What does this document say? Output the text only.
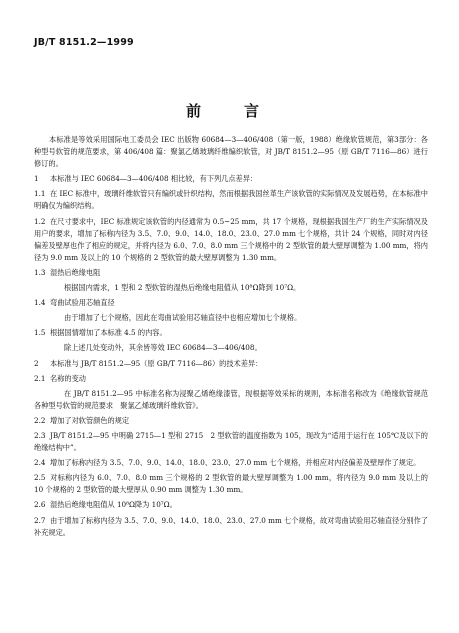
JB/T 8151.2—1999
前　言

本标准是等效采用国际电工委员会 IEC 出版物 60684—3—406/408（第一版，1988）绝缘软管规范，第3部分：各种型号软管的规范要求，第 406/408 篇：聚氯乙烯玻璃纤维编织软管，对 JB/T 8151.2—95（原 GB/T 7116—86）进行修订的。

1 本标准与 IEC 60684—3—406/408 相比较，有下列几点差异：

1.1 在 IEC 标准中，玻璃纤维软管只有编织或针织结构，然而根据我国丝革生产该软管的实际情况及发展趋势，在本标准中明确仅为编织结构。

1.2 在尺寸要求中，IEC 标准规定该软管的内径通常为 0.5~25 mm，共 17 个规格，现根据我国生产厂的生产实际情况及用户的要求，增加了标称内径为 3.5、7.0、9.0、14.0、18.0、23.0、27.0 mm 七个规格，共计 24 个规格，同时对内径偏差及壁厚也作了相应的规定，并将内径为 6.0、7.0、8.0 mm 三个规格中的 2 型软管的最大壁厚调整为 1.00 mm，将内径为 9.0 mm 及以上的 10 个规格的 2 型软管的最大壁厚调整为 1.30 mm。

1.3 湿热后绝缘电阻

根据国内需求，1 型和 2 型软管的湿热后绝缘电阻值从 10⁸Ω降到 10⁷Ω。

1.4 弯曲试验用芯轴直径

由于增加了七个规格，因此在弯曲试验用芯轴直径中也相应增加七个规格。

1.5 根据国情增加了本标准 4.5 的内容。

除上述几处变动外，其余皆等效 IEC 60684—3—406/408。

2 本标准与 JB/T 8151.2—95（原 GB/T 7116—86）的技术差异：

2.1 名称的变动

在 JB/T 8151.2—95 中标准名称为浸聚乙烯绝缘漆管，现根据等效采标的规则，本标准名称改为《绝缘软管规范　各种型号软管的规范要求　聚氯乙烯玻璃纤维软管》。

2.2 增加了对软管颜色的规定

2.3 JB/T 8151.2—95 中明确 2715—1 型和 2715　2 型软管的温度指数为 105，现改为“适用于运行在 105℃及以下的绝缘结构中”。

2.4 增加了标称内径为 3.5、7.0、9.0、14.0、18.0、23.0、27.0 mm 七个规格，并相应对内径偏差及壁厚作了规定。

2.5 对标称内径为 6.0、7.0、8.0 mm 三个规格的 2 型软管的最大壁厚调整为 1.00 mm，将内径为 9.0 mm 及以上的 10 个规格的 2 型软管的最大壁厚从 0.90 mm 调整为 1.30 mm。

2.6 湿热后绝缘电阻值从 10⁸Ω降为 10⁷Ω。

2.7 由于增加了标称内径为 3.5、7.0、9.0、14.0、18.0、23.0、27.0 mm 七个规格，故对弯曲试验用芯轴直径分别作了补充规定。
